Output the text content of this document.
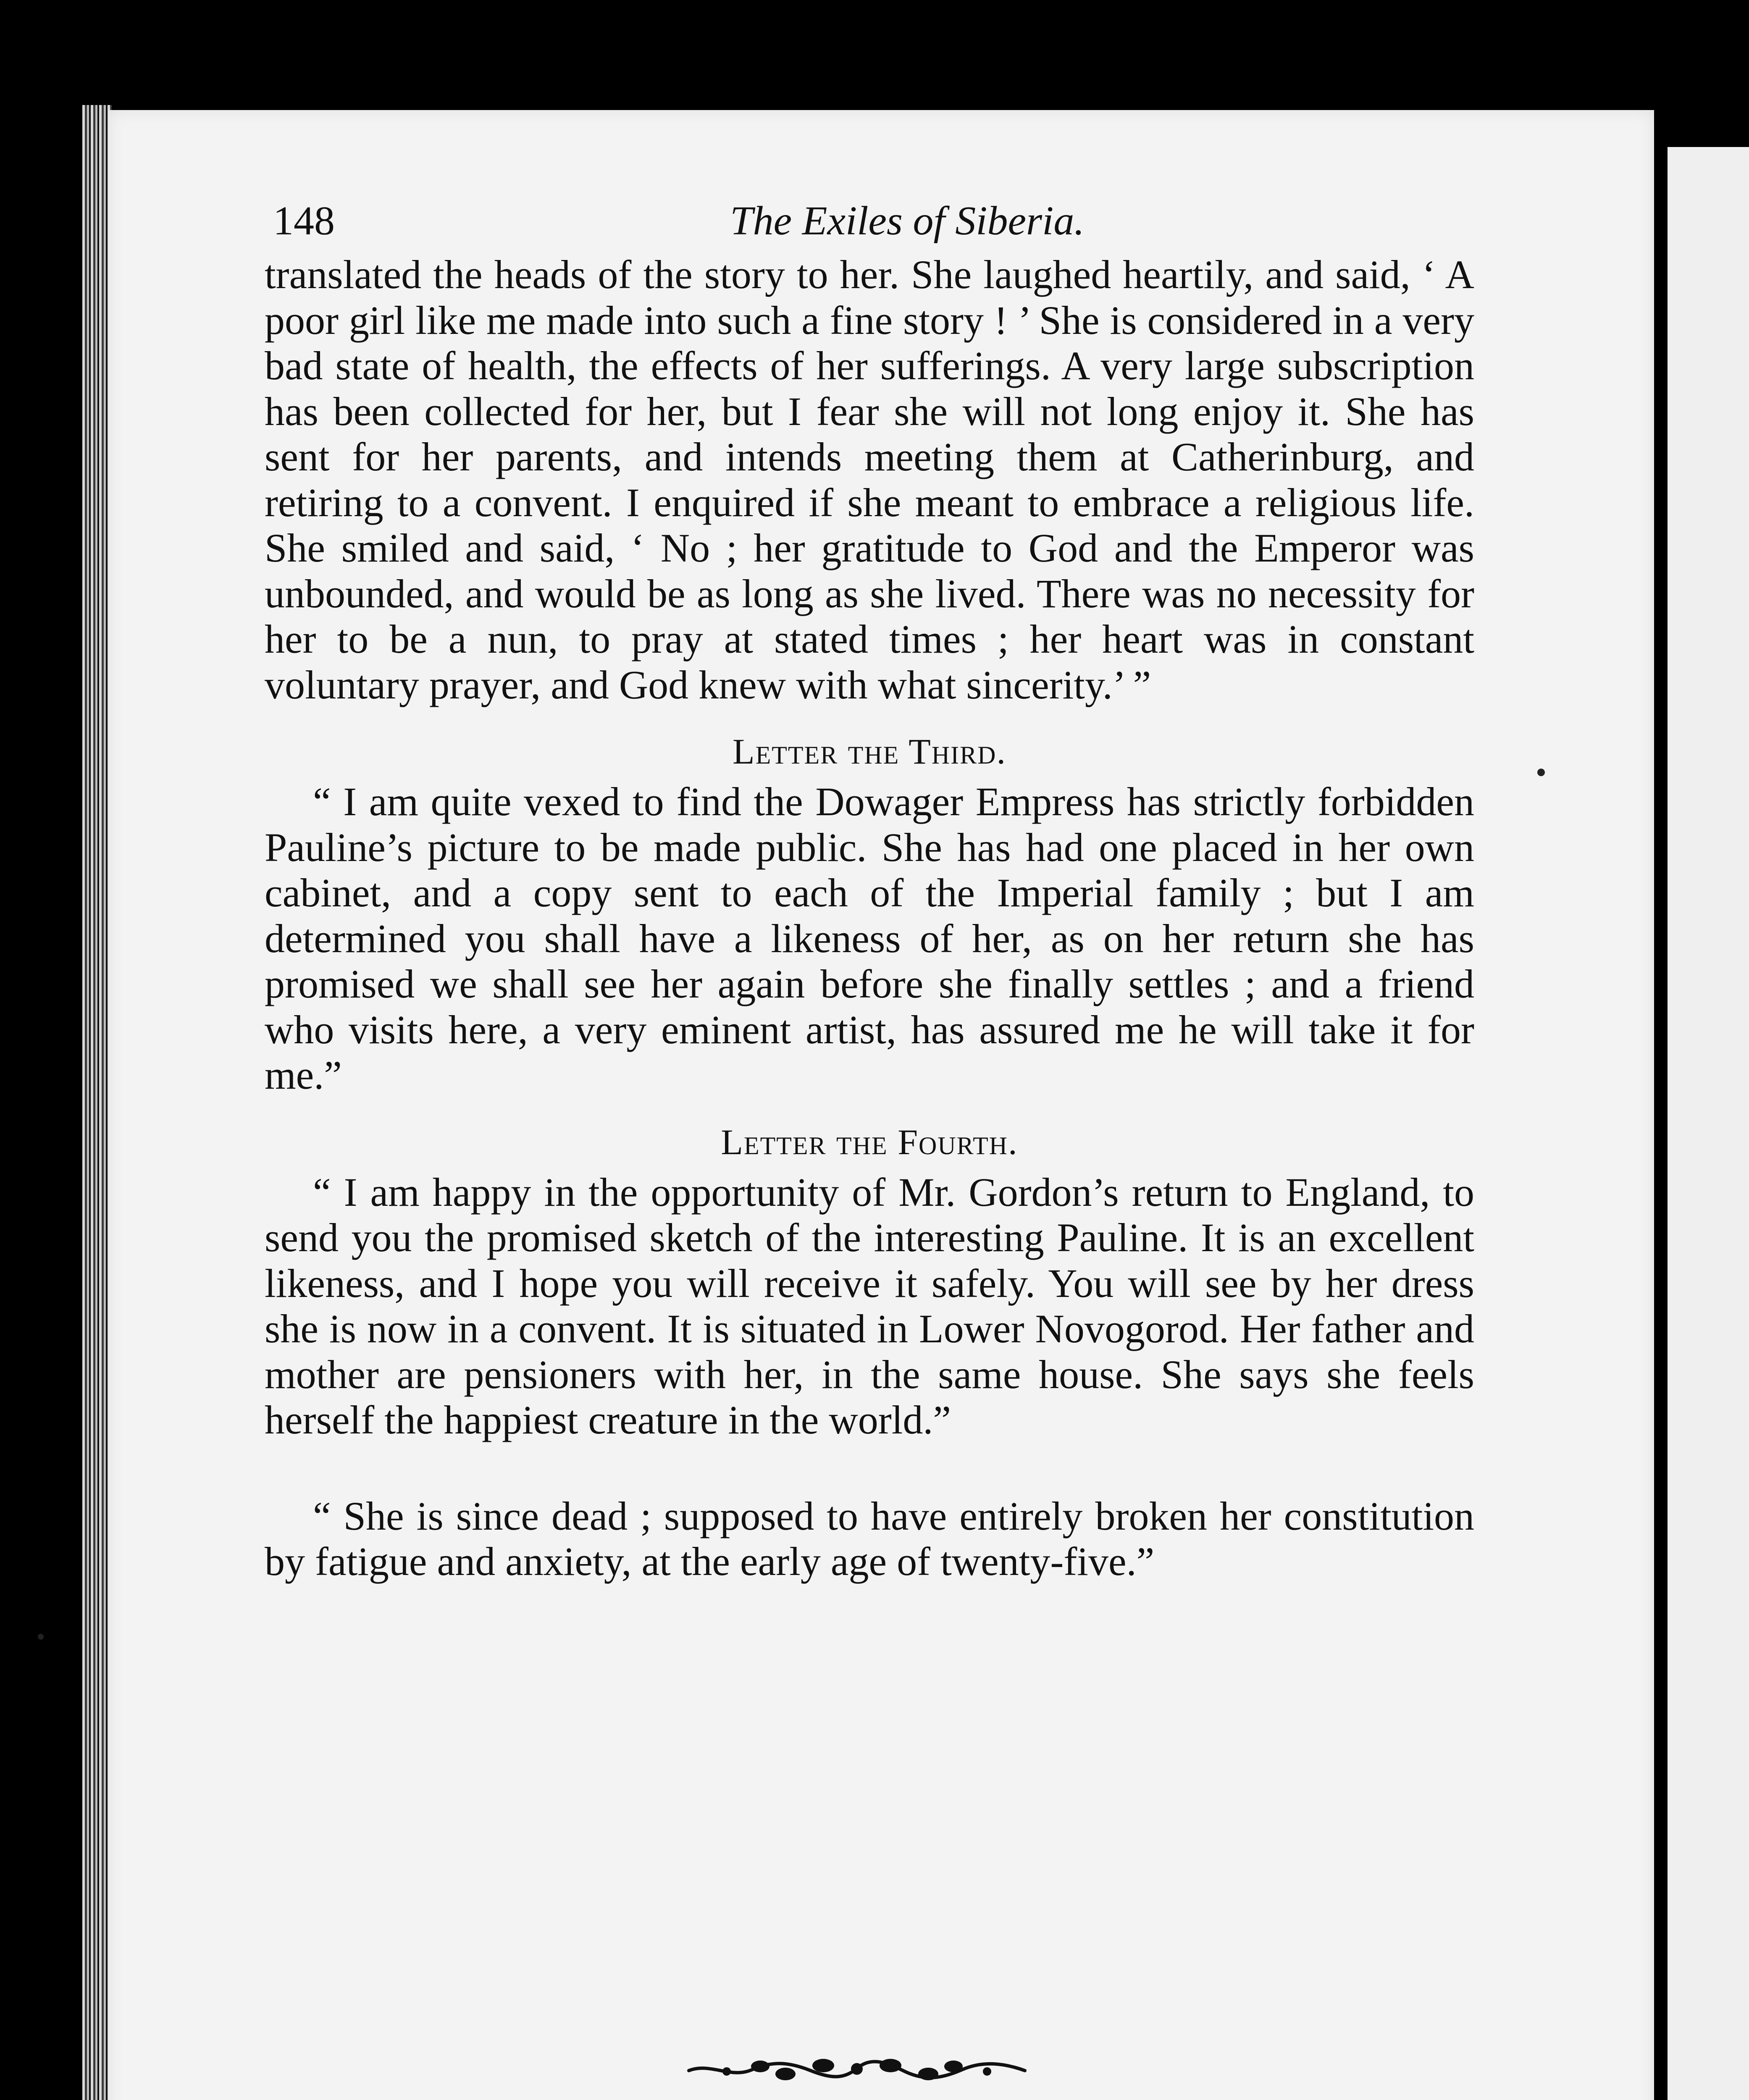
148	The Exiles of Siberia.

translated the heads of the story to her. She laughed heartily, and said, ‘ A poor girl like me made into such a fine story ! ’ She is considered in a very bad state of health, the effects of her sufferings. A very large subscription has been collected for her, but I fear she will not long enjoy it. She has sent for her parents, and intends meeting them at Catherinburg, and retiring to a convent. I enquired if she meant to embrace a religious life. She smiled and said, ‘ No ; her gratitude to God and the Emperor was unbounded, and would be as long as she lived. There was no necessity for her to be a nun, to pray at stated times ; her heart was in constant voluntary prayer, and God knew with what sincerity.’ ”

Letter the Third.

“ I am quite vexed to find the Dowager Empress has strictly forbidden Pauline’s picture to be made public. She has had one placed in her own cabinet, and a copy sent to each of the Imperial family ; but I am determined you shall have a likeness of her, as on her return she has promised we shall see her again before she finally settles ; and a friend who visits here, a very eminent artist, has assured me he will take it for me.”

Letter the Fourth.

“ I am happy in the opportunity of Mr. Gordon’s return to England, to send you the promised sketch of the interesting Pauline. It is an excellent likeness, and I hope you will receive it safely. You will see by her dress she is now in a convent. It is situated in Lower Novogorod. Her father and mother are pensioners with her, in the same house. She says she feels herself the happiest creature in the world.”

“ She is since dead ; supposed to have entirely broken her constitution by fatigue and anxiety, at the early age of twenty-five.”
